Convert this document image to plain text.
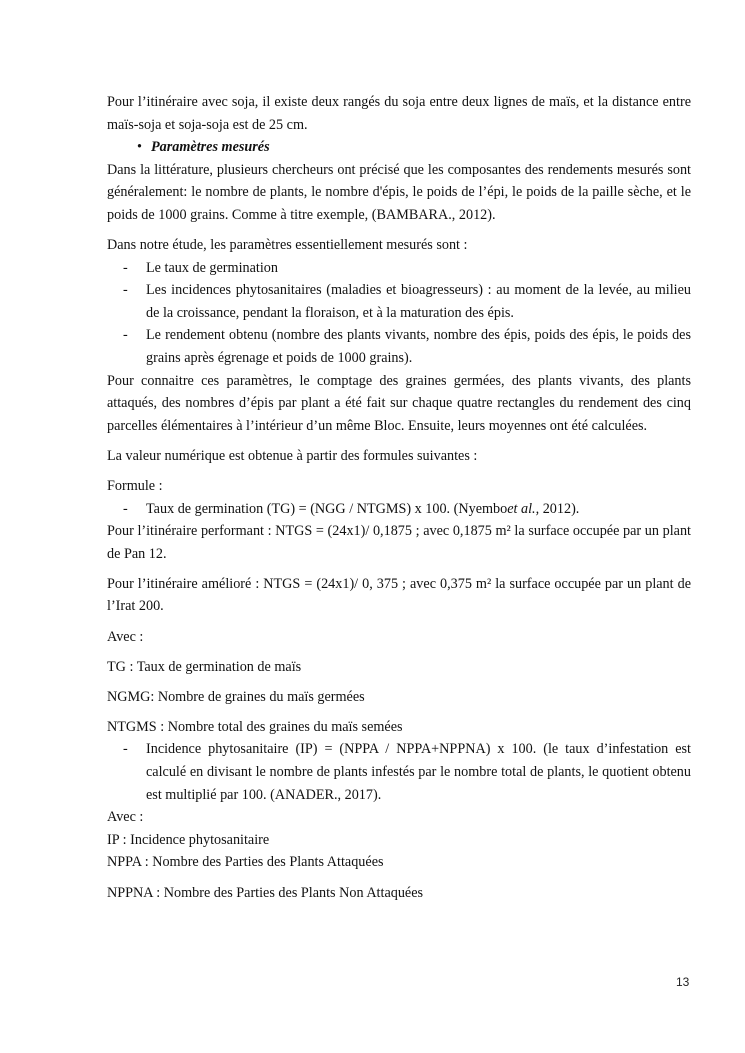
Pour l’itinéraire avec soja, il existe deux rangés du soja entre deux lignes de maïs, et la distance entre maïs-soja et soja-soja est de 25 cm.

• Paramètres mesurés

Dans la littérature, plusieurs chercheurs ont précisé que les composantes des rendements mesurés sont généralement: le nombre de plants, le nombre d'épis, le poids de l’épi, le poids de la paille sèche, et le poids de 1000 grains. Comme à titre exemple, (BAMBARA., 2012).

Dans notre étude, les paramètres essentiellement mesurés sont :

- Le taux de germination
- Les incidences phytosanitaires (maladies et bioagresseurs) : au moment de la levée, au milieu de la croissance, pendant la floraison, et à la maturation des épis.
- Le rendement obtenu (nombre des plants vivants, nombre des épis, poids des épis, le poids des grains après égrenage et poids de 1000 grains).

Pour connaitre ces paramètres, le comptage des graines germées, des plants vivants, des plants attaqués, des nombres d’épis par plant a été fait sur chaque quatre rectangles du rendement des cinq parcelles élémentaires à l’intérieur d’un même Bloc. Ensuite, leurs moyennes ont été calculées.

La valeur numérique est obtenue à partir des formules suivantes :

Formule :

- Taux de germination (TG) = (NGG / NTGMS) x 100. (Nyemboet al., 2012).

Pour l’itinéraire performant : NTGS = (24x1)/ 0,1875 ; avec 0,1875 m² la surface occupée par un plant de Pan 12.

Pour l’itinéraire amélioré : NTGS = (24x1)/ 0, 375 ; avec 0,375 m² la surface occupée par un plant de l’Irat 200.

Avec :

TG : Taux de germination de maïs

NGMG: Nombre de graines du maïs germées

NTGMS : Nombre total des graines du maïs semées

- Incidence phytosanitaire (IP) = (NPPA / NPPA+NPPNA) x 100. (le taux d’infestation est calculé en divisant le nombre de plants infestés par le nombre total de plants, le quotient obtenu est multiplié par 100. (ANADER., 2017).

Avec :

IP : Incidence phytosanitaire

NPPA : Nombre des Parties des Plants Attaquées

NPPNA : Nombre des Parties des Plants Non Attaquées

13
